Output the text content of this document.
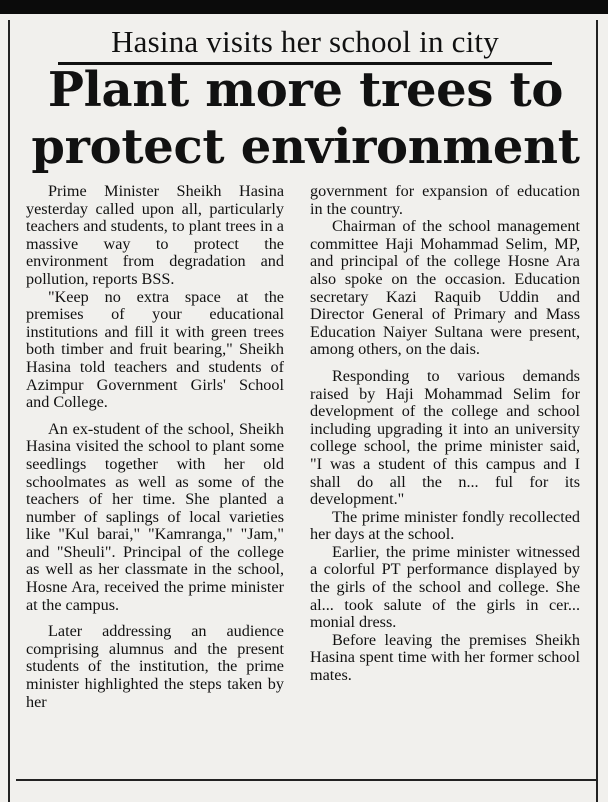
Hasina visits her school in city
Plant more trees to protect environment

Prime Minister Sheikh Hasina yesterday called upon all, particularly teachers and students, to plant trees in a massive way to protect the environment from degradation and pollution, reports BSS.

"Keep no extra space at the premises of your educational institutions and fill it with green trees both timber and fruit bearing," Sheikh Hasina told teachers and students of Azimpur Government Girls' School and College.

An ex-student of the school, Sheikh Hasina visited the school to plant some seedlings together with her old schoolmates as well as some of the teachers of her time. She planted a number of saplings of local varieties like "Kul barai," "Kamranga," "Jam," and "Sheuli". Principal of the college as well as her classmate in the school, Hosne Ara, received the prime minister at the campus.

Later addressing an audience comprising alumnus and the present students of the institution, the prime minister highlighted the steps taken by her

government for expansion of education in the country.

Chairman of the school management committee Haji Mohammad Selim, MP, and principal of the college Hosne Ara also spoke on the occasion. Education secretary Kazi Raquib Uddin and Director General of Primary and Mass Education Naiyer Sultana were present, among others, on the dais.

Responding to various demands raised by Haji Mohammad Selim for development of the college and school including upgrading it into an university college school, the prime minister said, "I was a student of this campus and I shall do all the n... ful for its development."

The prime minister fondly recollected her days at the school.

Earlier, the prime minister witnessed a colorful PT performance displayed by the girls of the school and college. She al... took salute of the girls in cer... monial dress.

Before leaving the premises Sheikh Hasina spent time with her former school mates.
